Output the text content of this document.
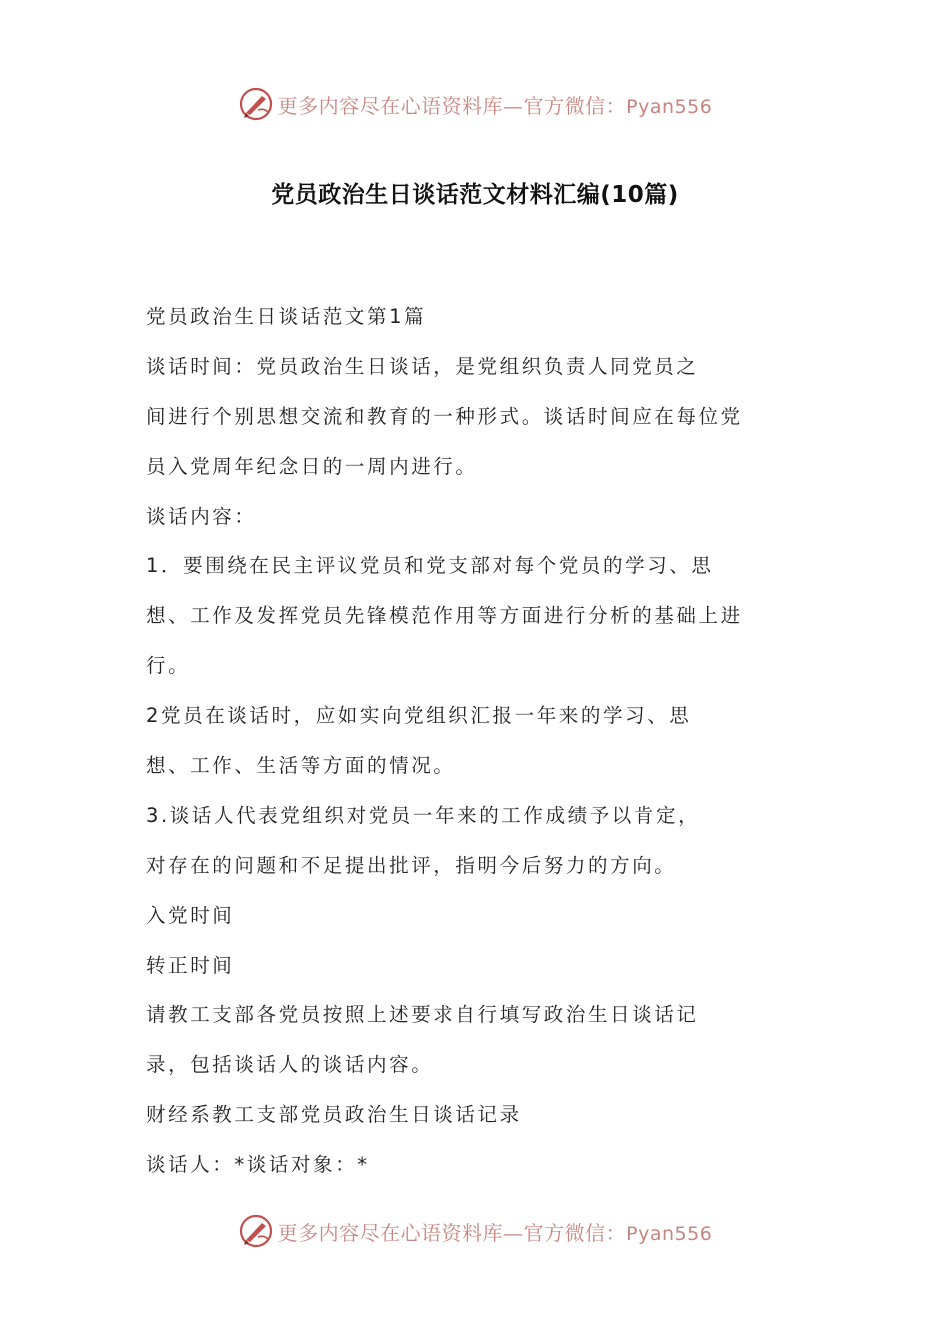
更多内容尽在心语资料库—官方微信：Pyan556
党员政治生日谈话范文材料汇编(10篇)
党员政治生日谈话范文第1篇
谈话时间：党员政治生日谈话，是党组织负责人同党员之
间进行个别思想交流和教育的一种形式。谈话时间应在每位党
员入党周年纪念日的一周内进行。
谈话内容：
1．要围绕在民主评议党员和党支部对每个党员的学习、思
想、工作及发挥党员先锋模范作用等方面进行分析的基础上进
行。
2党员在谈话时，应如实向党组织汇报一年来的学习、思
想、工作、生活等方面的情况。
3.谈话人代表党组织对党员一年来的工作成绩予以肯定，
对存在的问题和不足提出批评，指明今后努力的方向。
入党时间
转正时间
请教工支部各党员按照上述要求自行填写政治生日谈话记
录，包括谈话人的谈话内容。
财经系教工支部党员政治生日谈话记录
谈话人：*谈话对象：*
更多内容尽在心语资料库—官方微信：Pyan556
